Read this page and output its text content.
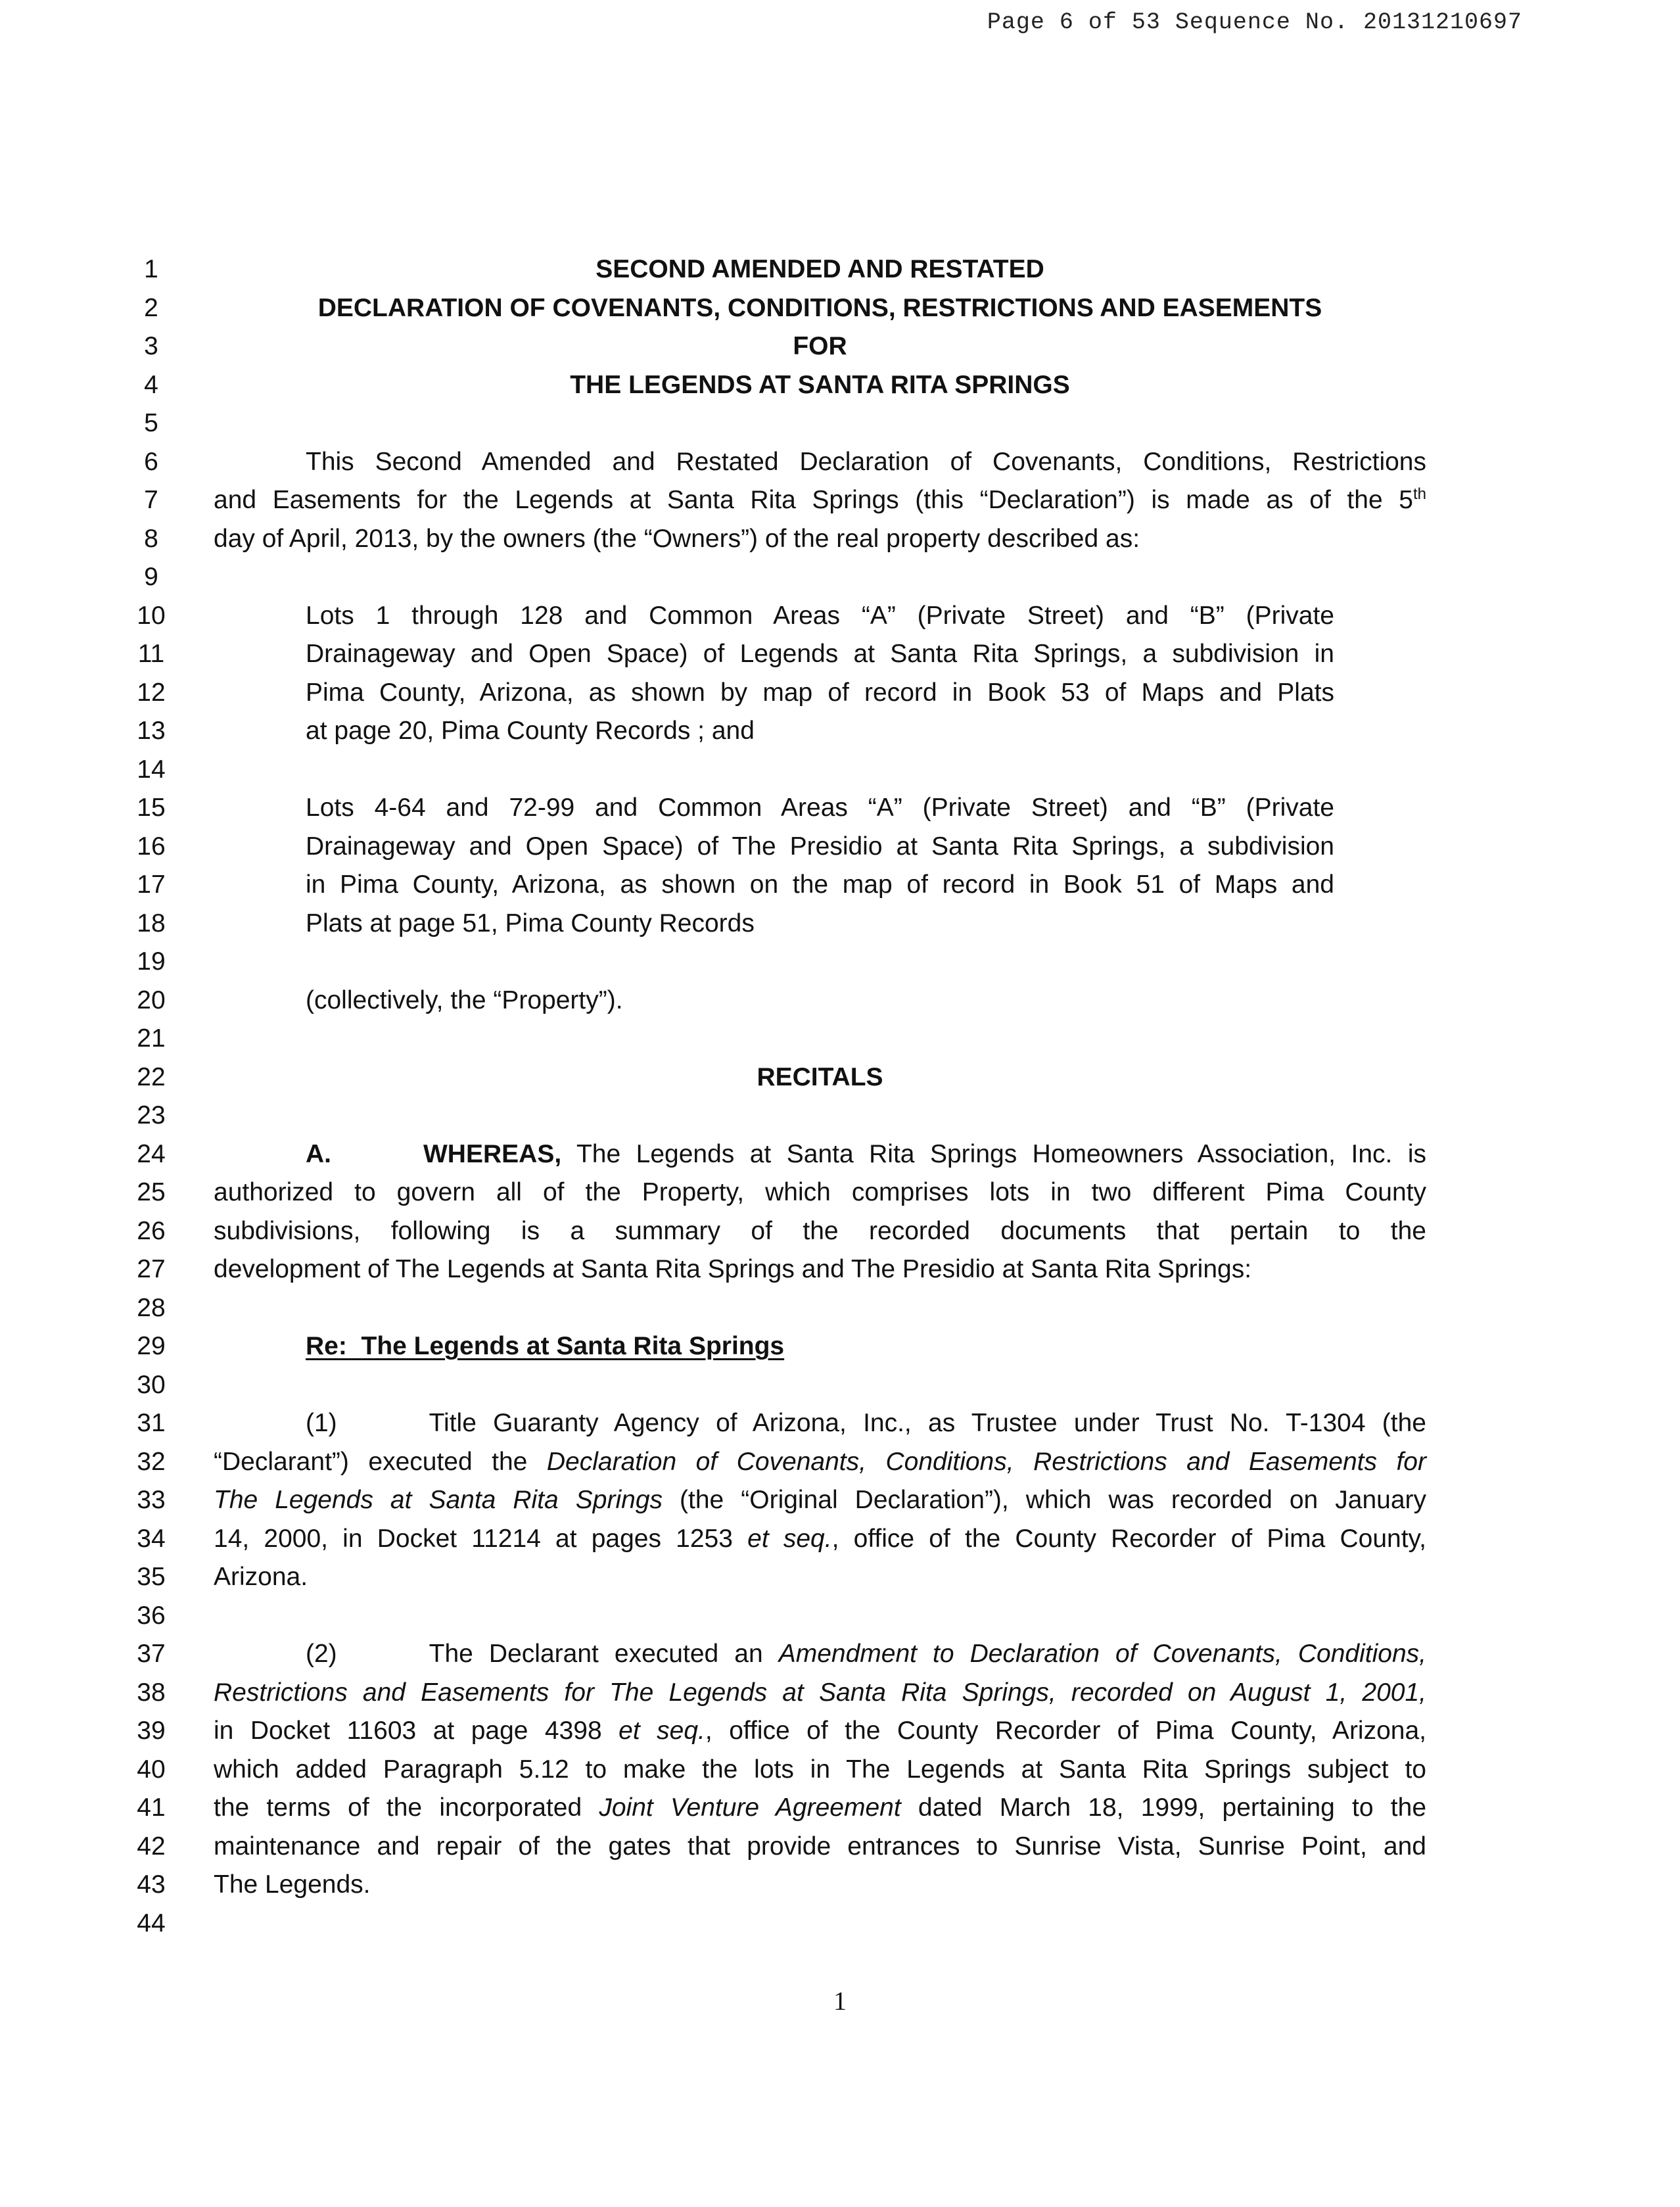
Page 6 of 53 Sequence No. 20131210697
1
2
3
4
5
6
7
8
9
10
11
12
13
14
15
16
17
18
19
20
21
22
23
24
25
26
27
28
29
30
31
32
33
34
35
36
37
38
39
40
41
42
43
44
SECOND AMENDED AND RESTATED
DECLARATION OF COVENANTS, CONDITIONS, RESTRICTIONS AND EASEMENTS
FOR
THE LEGENDS AT SANTA RITA SPRINGS
This Second Amended and Restated Declaration of Covenants, Conditions, Restrictions
and Easements for the Legends at Santa Rita Springs (this “Declaration”) is made as of the 5th
day of April, 2013, by the owners (the “Owners”) of the real property described as:
Lots 1 through 128 and Common Areas “A” (Private Street) and “B” (Private
Drainageway and Open Space) of Legends at Santa Rita Springs, a subdivision in
Pima County, Arizona, as shown by map of record in Book 53 of Maps and Plats
at page 20, Pima County Records ; and
Lots 4-64 and 72-99 and Common Areas “A” (Private Street) and “B” (Private
Drainageway and Open Space) of The Presidio at Santa Rita Springs, a subdivision
in Pima County, Arizona, as shown on the map of record in Book 51 of Maps and
Plats at page 51, Pima County Records
(collectively, the “Property”).
RECITALS
A.	WHEREAS, The Legends at Santa Rita Springs Homeowners Association, Inc. is
authorized to govern all of the Property, which comprises lots in two different Pima County
subdivisions, following is a summary of the recorded documents that pertain to the
development of The Legends at Santa Rita Springs and The Presidio at Santa Rita Springs:
Re:  The Legends at Santa Rita Springs
(1)	Title Guaranty Agency of Arizona, Inc., as Trustee under Trust No. T-1304 (the
“Declarant”) executed the Declaration of Covenants, Conditions, Restrictions and Easements for
The Legends at Santa Rita Springs (the “Original Declaration”), which was recorded on January
14, 2000, in Docket 11214 at pages 1253 et seq., office of the County Recorder of Pima County,
Arizona.
(2)	The Declarant executed an Amendment to Declaration of Covenants, Conditions,
Restrictions and Easements for The Legends at Santa Rita Springs, recorded on August 1, 2001,
in Docket 11603 at page 4398 et seq., office of the County Recorder of Pima County, Arizona,
which added Paragraph 5.12 to make the lots in The Legends at Santa Rita Springs subject to
the terms of the incorporated Joint Venture Agreement dated March 18, 1999, pertaining to the
maintenance and repair of the gates that provide entrances to Sunrise Vista, Sunrise Point, and
The Legends.
1
